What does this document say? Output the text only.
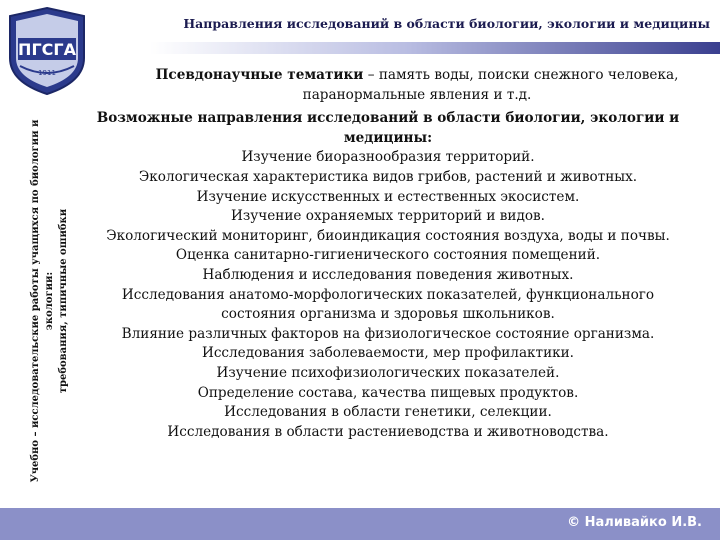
ПГСГА
1911
Направления исследований в области биологии, экологии и медицины
Учебно – исследовательские работы учащихся по биологии и экологии: требования, типичные ошибки
Псевдонаучные тематики – память воды, поиски снежного человека, паранормальные явления и т.д.
Возможные направления исследований в области биологии, экологии и медицины:
Изучение биоразнообразия территорий.
Экологическая характеристика видов грибов, растений и животных.
Изучение искусственных и естественных экосистем.
Изучение охраняемых территорий и видов.
Экологический мониторинг, биоиндикация состояния воздуха, воды и почвы.
Оценка санитарно-гигиенического состояния помещений.
Наблюдения и исследования поведения животных.
Исследования анатомо-морфологических показателей, функционального состояния организма и здоровья школьников.
Влияние различных факторов на физиологическое состояние организма.
Исследования заболеваемости, мер профилактики.
Изучение психофизиологических показателей.
Определение состава, качества пищевых продуктов.
Исследования в области генетики, селекции.
Исследования в области растениеводства и животноводства.
© Наливайко И.В.
